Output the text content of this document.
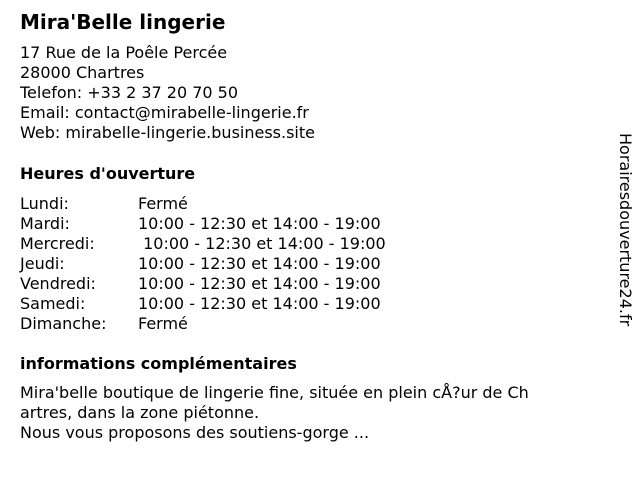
Mira'Belle lingerie
17 Rue de la Poêle Percée
28000 Chartres
Telefon: +33 2 37 20 70 50
Email: contact@mirabelle-lingerie.fr
Web: mirabelle-lingerie.business.site
Heures d'ouverture
Lundi:	Fermé
Mardi:	10:00 - 12:30 et 14:00 - 19:00
Mercredi:	10:00 - 12:30 et 14:00 - 19:00
Jeudi:	10:00 - 12:30 et 14:00 - 19:00
Vendredi:	10:00 - 12:30 et 14:00 - 19:00
Samedi:	10:00 - 12:30 et 14:00 - 19:00
Dimanche:	Fermé
informations complémentaires
Mira'belle boutique de lingerie fine, située en plein cÅ?ur de Ch
artres, dans la zone piétonne.
Nous vous proposons des soutiens-gorge ...
Horairesdouverture24.fr
